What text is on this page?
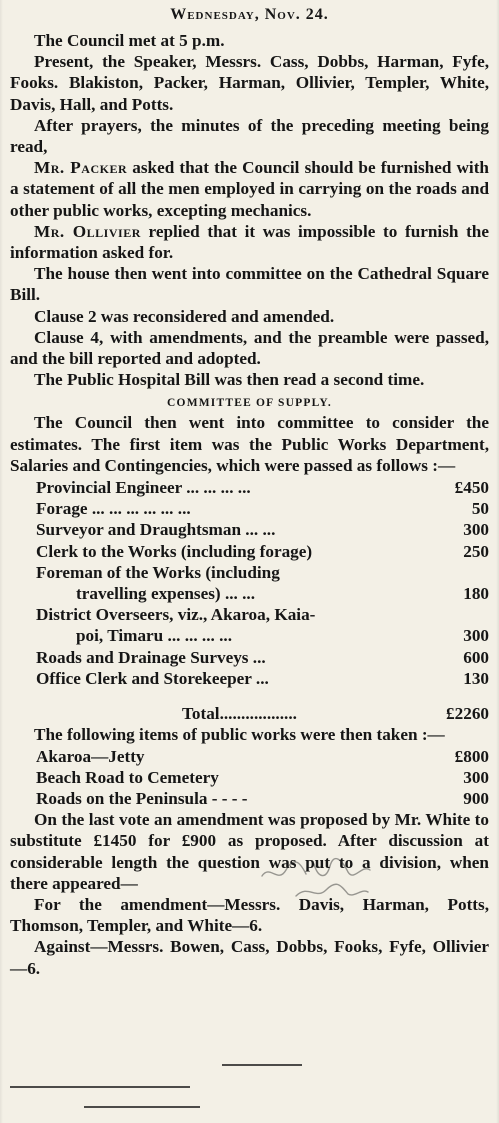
Wednesday, Nov. 24.

The Council met at 5 p.m.

Present, the Speaker, Messrs. Cass, Dobbs, Harman, Fyfe, Fooks. Blakiston, Packer, Harman, Ollivier, Templer, White, Davis, Hall, and Potts.

After prayers, the minutes of the preceding meeting being read,

Mr. Packer asked that the Council should be furnished with a statement of all the men employed in carrying on the roads and other public works, excepting mechanics.

Mr. Ollivier replied that it was impossible to furnish the information asked for.

The house then went into committee on the Cathedral Square Bill.

Clause 2 was reconsidered and amended.

Clause 4, with amendments, and the preamble were passed, and the bill reported and adopted.

The Public Hospital Bill was then read a second time.

COMMITTEE OF SUPPLY.

The Council then went into committee to consider the estimates. The first item was the Public Works Department, Salaries and Contingencies, which were passed as follows :—

Provincial Engineer ... ... ... ...	£450
Forage ... ... ... ... ... ...	50
Surveyor and Draughtsman ... ...	300
Clerk to the Works (including forage)	250
Foreman of the Works (including
travelling expenses) ... ...	180
District Overseers, viz., Akaroa, Kaia-
poi, Timaru ... ... ... ...	300
Roads and Drainage Surveys ...	600
Office Clerk and Storekeeper ...	130
Total..................	£2260

The following items of public works were then taken :—

Akaroa—Jetty	£800
Beach Road to Cemetery	300
Roads on the Peninsula - - - -	900

On the last vote an amendment was proposed by Mr. White to substitute £1450 for £900 as proposed. After discussion at considerable length the question was put to a division, when there appeared—

For the amendment—Messrs. Davis, Harman, Potts, Thomson, Templer, and White—6.

Against—Messrs. Bowen, Cass, Dobbs, Fooks, Fyfe, Ollivier—6.
